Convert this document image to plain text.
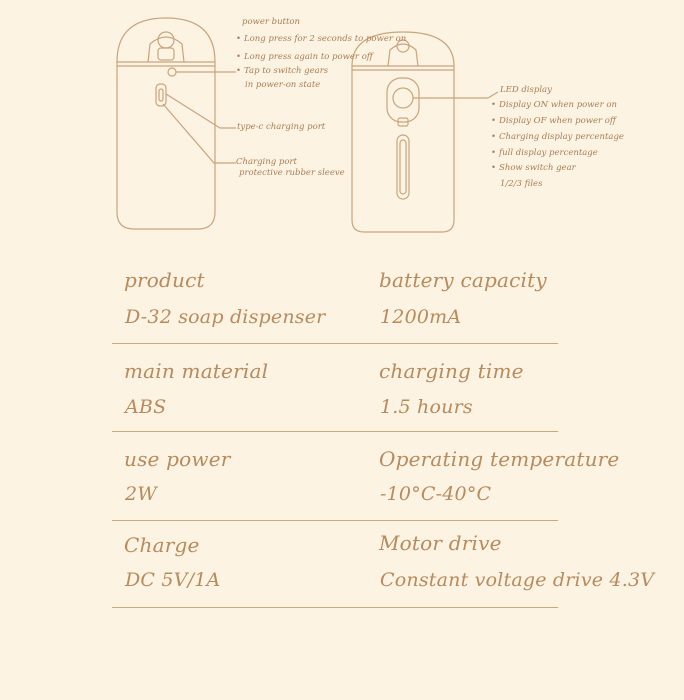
power button
• Long press for 2 seconds to power on
• Long press again to power off
• Tap to switch gears
in power-on state
type-c charging port
Charging port
protective rubber sleeve
LED display
• Display ON when power on
• Display OF when power off
• Charging display percentage
• full display percentage
• Show switch gear
1/2/3 files
product
D-32 soap dispenser
battery capacity
1200mA
main material
ABS
charging time
1.5 hours
use power
2W
Operating temperature
-10°C-40°C
Charge
DC 5V/1A
Motor drive
Constant voltage drive 4.3V
